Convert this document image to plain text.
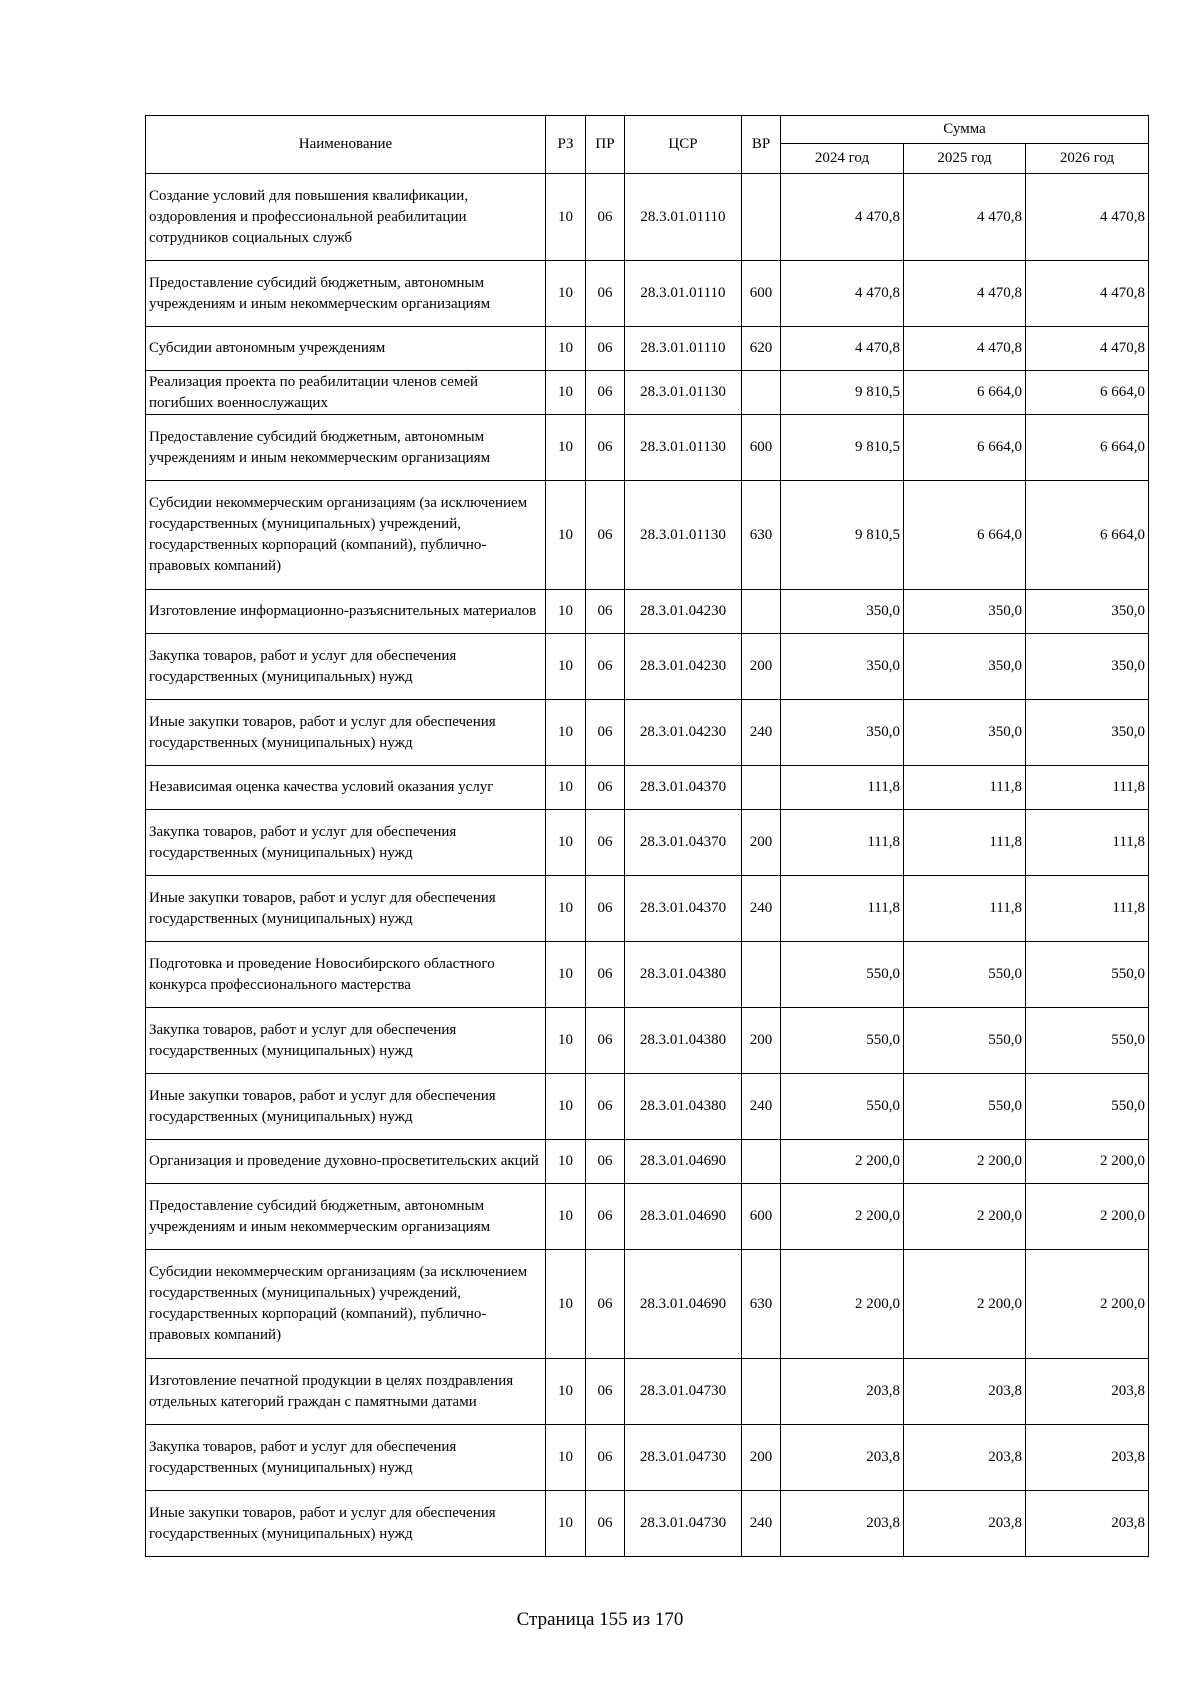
Наименование	РЗ	ПР	ЦСР	ВР	Сумма		
					2024 год	2025 год	2026 год
Создание условий для повышения квалификации, оздоровления и профессиональной реабилитации сотрудников социальных служб	10	06	28.3.01.01110		4 470,8	4 470,8	4 470,8
Предоставление субсидий бюджетным, автономным учреждениям и иным некоммерческим организациям	10	06	28.3.01.01110	600	4 470,8	4 470,8	4 470,8
Субсидии автономным учреждениям	10	06	28.3.01.01110	620	4 470,8	4 470,8	4 470,8
Реализация проекта по реабилитации членов семей погибших военнослужащих	10	06	28.3.01.01130		9 810,5	6 664,0	6 664,0
Предоставление субсидий бюджетным, автономным учреждениям и иным некоммерческим организациям	10	06	28.3.01.01130	600	9 810,5	6 664,0	6 664,0
Субсидии некоммерческим организациям (за исключением государственных (муниципальных) учреждений, государственных корпораций (компаний), публично-правовых компаний)	10	06	28.3.01.01130	630	9 810,5	6 664,0	6 664,0
Изготовление информационно-разъяснительных материалов	10	06	28.3.01.04230		350,0	350,0	350,0
Закупка товаров, работ и услуг для обеспечения государственных (муниципальных) нужд	10	06	28.3.01.04230	200	350,0	350,0	350,0
Иные закупки товаров, работ и услуг для обеспечения государственных (муниципальных) нужд	10	06	28.3.01.04230	240	350,0	350,0	350,0
Независимая оценка качества условий оказания услуг	10	06	28.3.01.04370		111,8	111,8	111,8
Закупка товаров, работ и услуг для обеспечения государственных (муниципальных) нужд	10	06	28.3.01.04370	200	111,8	111,8	111,8
Иные закупки товаров, работ и услуг для обеспечения государственных (муниципальных) нужд	10	06	28.3.01.04370	240	111,8	111,8	111,8
Подготовка и проведение Новосибирского областного конкурса профессионального мастерства	10	06	28.3.01.04380		550,0	550,0	550,0
Закупка товаров, работ и услуг для обеспечения государственных (муниципальных) нужд	10	06	28.3.01.04380	200	550,0	550,0	550,0
Иные закупки товаров, работ и услуг для обеспечения государственных (муниципальных) нужд	10	06	28.3.01.04380	240	550,0	550,0	550,0
Организация и проведение духовно-просветительских акций	10	06	28.3.01.04690		2 200,0	2 200,0	2 200,0
Предоставление субсидий бюджетным, автономным учреждениям и иным некоммерческим организациям	10	06	28.3.01.04690	600	2 200,0	2 200,0	2 200,0
Субсидии некоммерческим организациям (за исключением государственных (муниципальных) учреждений, государственных корпораций (компаний), публично-правовых компаний)	10	06	28.3.01.04690	630	2 200,0	2 200,0	2 200,0
Изготовление печатной продукции в целях поздравления отдельных категорий граждан с памятными датами	10	06	28.3.01.04730		203,8	203,8	203,8
Закупка товаров, работ и услуг для обеспечения государственных (муниципальных) нужд	10	06	28.3.01.04730	200	203,8	203,8	203,8
Иные закупки товаров, работ и услуг для обеспечения государственных (муниципальных) нужд	10	06	28.3.01.04730	240	203,8	203,8	203,8
Страница 155 из 170
